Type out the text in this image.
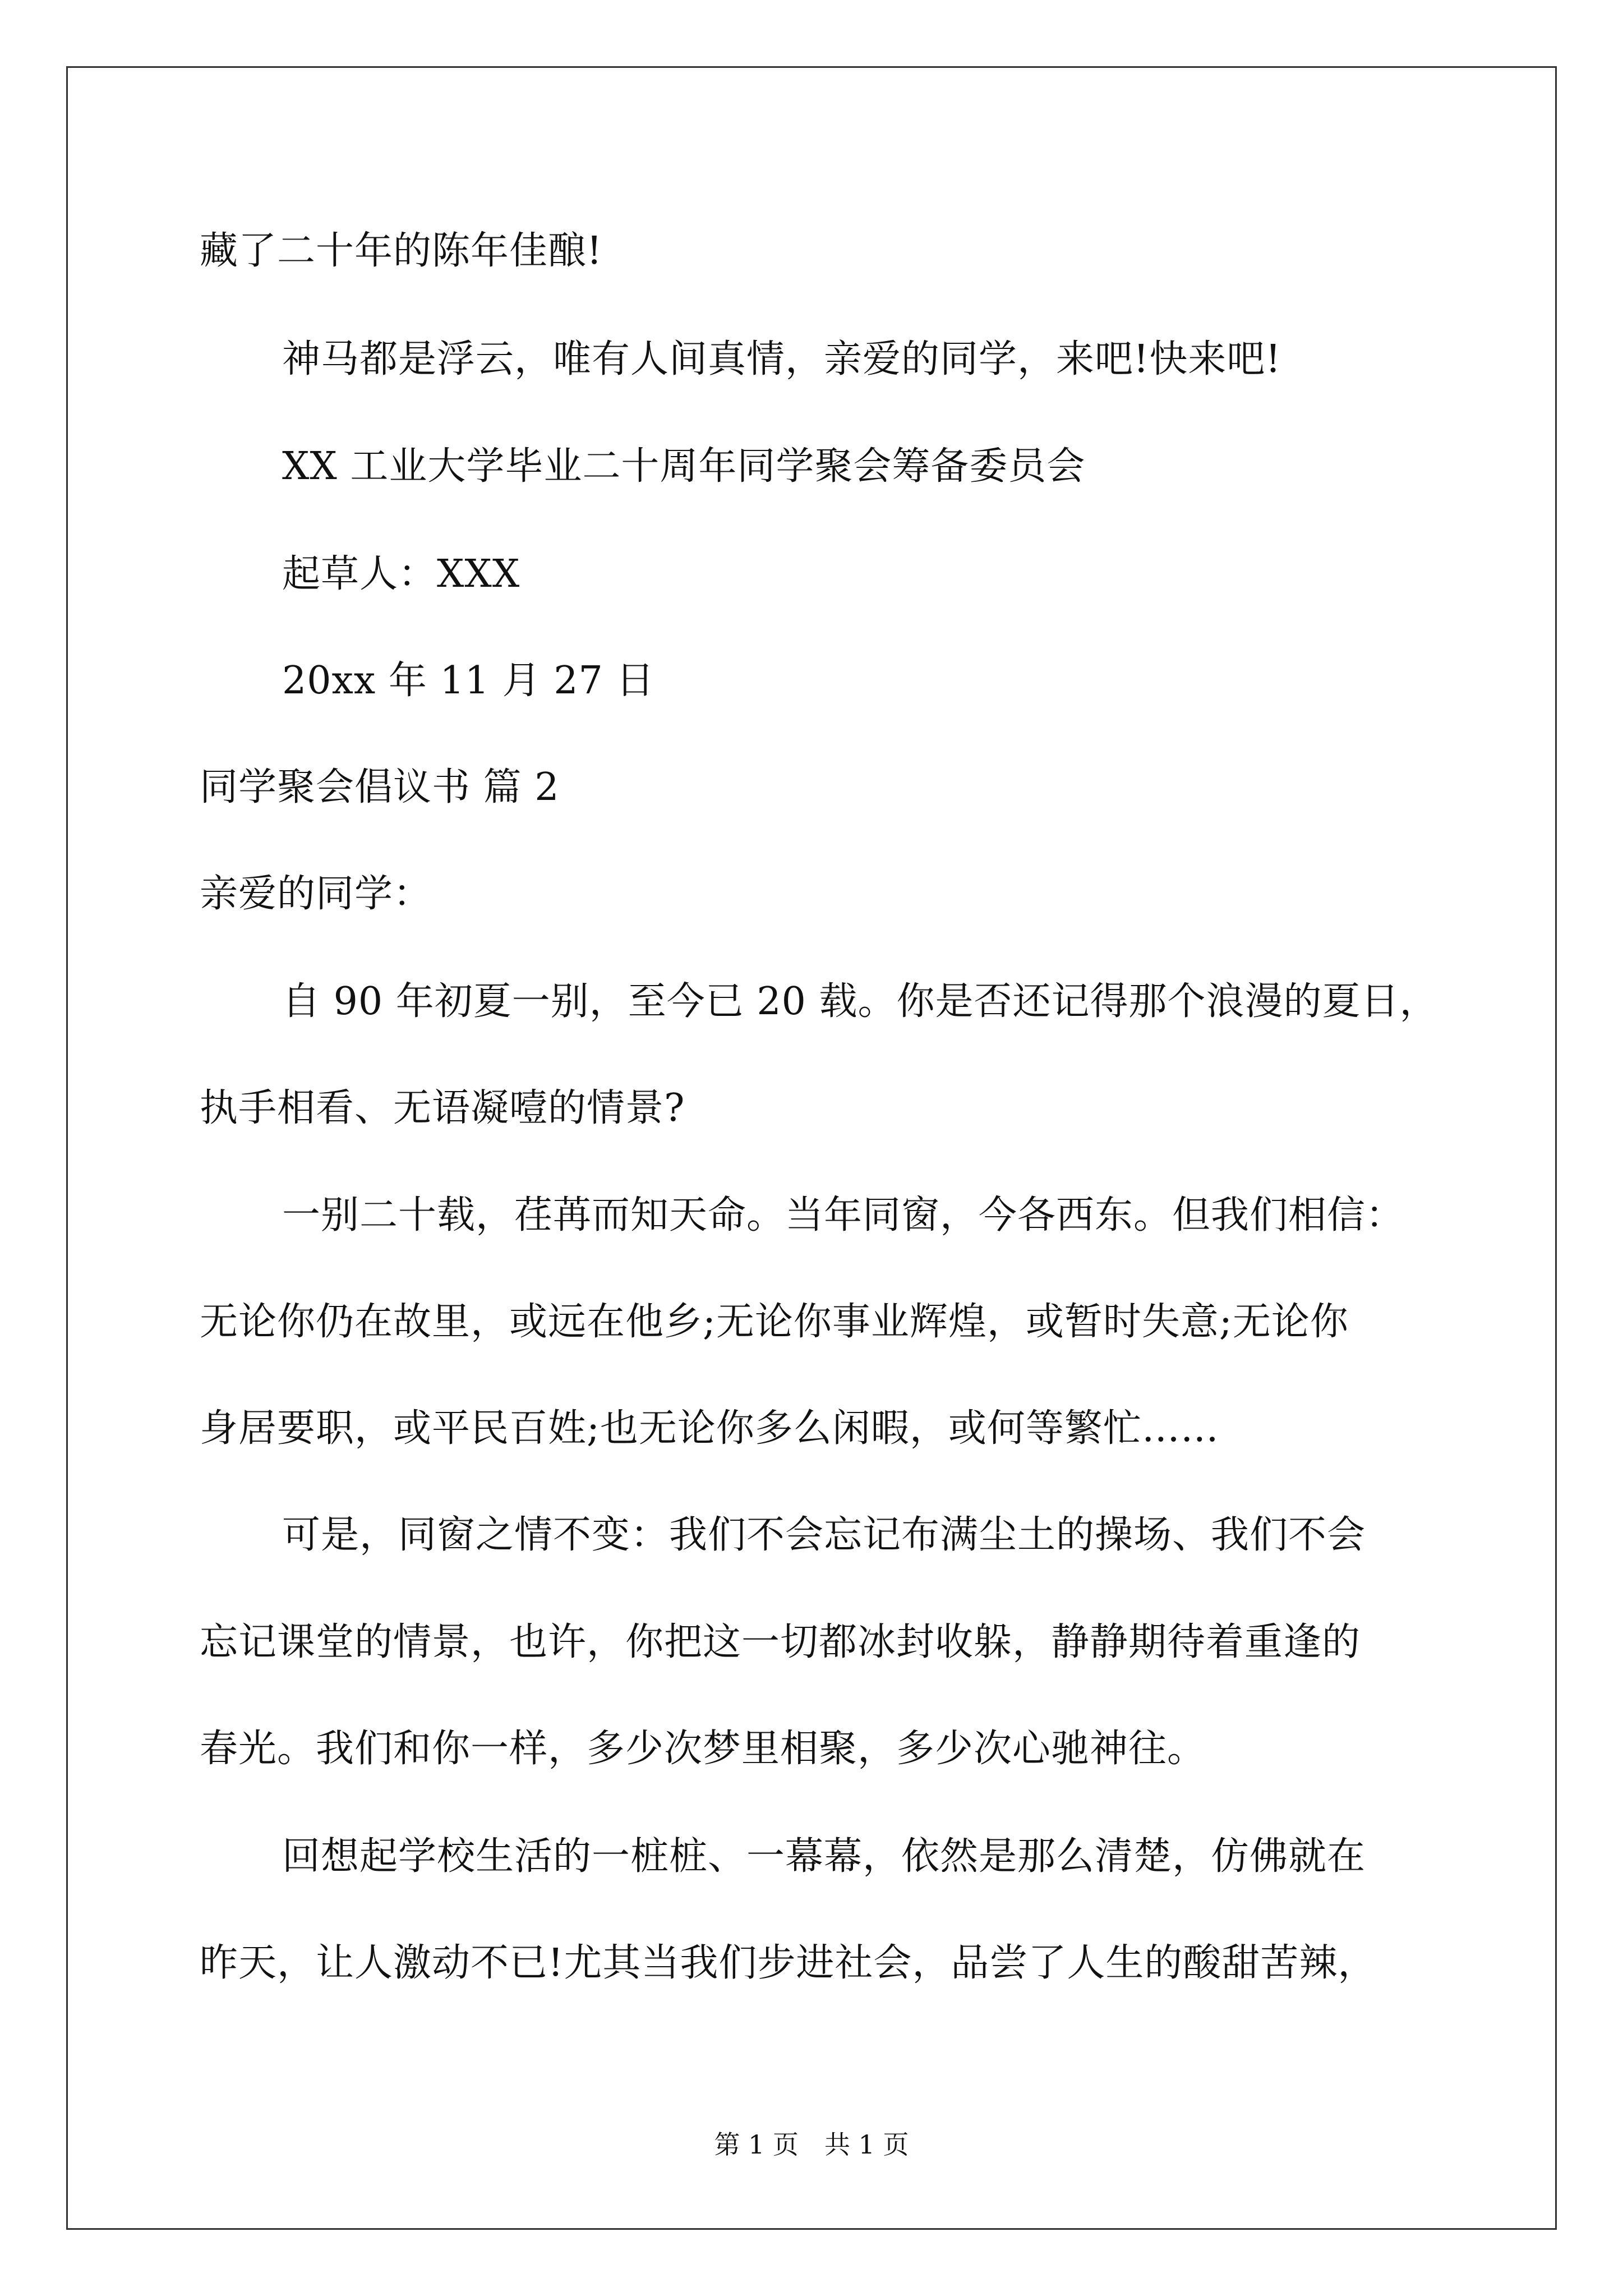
藏了二十年的陈年佳酿!
神马都是浮云，唯有人间真情，亲爱的同学，来吧!快来吧!
XX 工业大学毕业二十周年同学聚会筹备委员会
起草人：XXX
20xx 年 11 月 27 日
同学聚会倡议书 篇 2
亲爱的同学：
自 90 年初夏一别，至今已 20 载。你是否还记得那个浪漫的夏日，
执手相看、无语凝噎的情景?
一别二十载，荏苒而知天命。当年同窗，今各西东。但我们相信：
无论你仍在故里，或远在他乡;无论你事业辉煌，或暂时失意;无论你
身居要职，或平民百姓;也无论你多么闲暇，或何等繁忙……
可是，同窗之情不变：我们不会忘记布满尘土的操场、我们不会
忘记课堂的情景，也许，你把这一切都冰封收躲，静静期待着重逢的
春光。我们和你一样，多少次梦里相聚，多少次心驰神往。
回想起学校生活的一桩桩、一幕幕，依然是那么清楚，仿佛就在
昨天，让人激动不已!尤其当我们步进社会，品尝了人生的酸甜苦辣，
第 1 页　共 1 页
